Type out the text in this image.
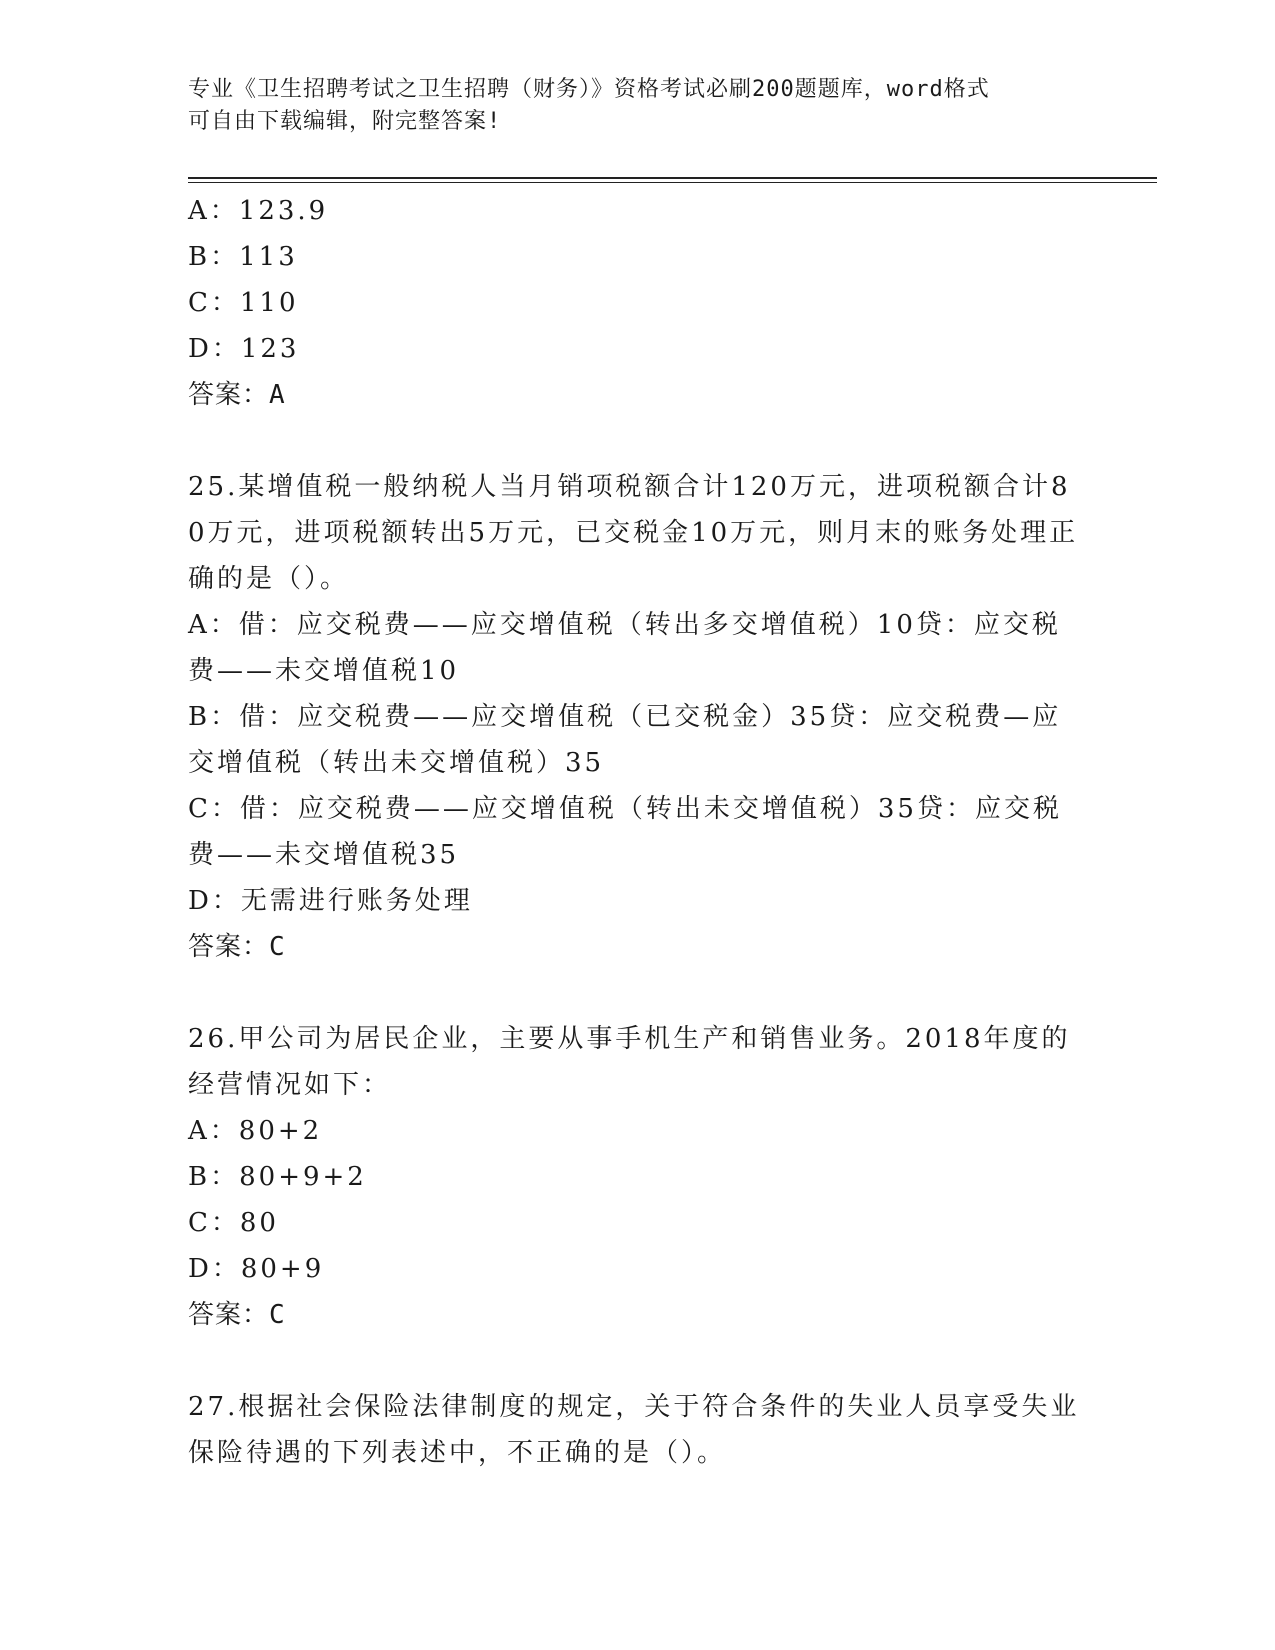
专业《卫生招聘考试之卫生招聘（财务）》资格考试必刷200题题库，word格式
可自由下载编辑，附完整答案!

A：123.9

B：113

C：110

D：123

答案：A

25.某增值税一般纳税人当月销项税额合计120万元，进项税额合计80万元，进项税额转出5万元，已交税金10万元，则月末的账务处理正确的是（）。

A：借：应交税费——应交增值税（转出多交增值税）10贷：应交税费——未交增值税10

B：借：应交税费——应交增值税（已交税金）35贷：应交税费—应交增值税（转出未交增值税）35

C：借：应交税费——应交增值税（转出未交增值税）35贷：应交税费——未交增值税35

D：无需进行账务处理

答案：C

26.甲公司为居民企业，主要从事手机生产和销售业务。2018年度的经营情况如下：

A：80+2

B：80+9+2

C：80

D：80+9

答案：C

27.根据社会保险法律制度的规定，关于符合条件的失业人员享受失业保险待遇的下列表述中，不正确的是（）。
